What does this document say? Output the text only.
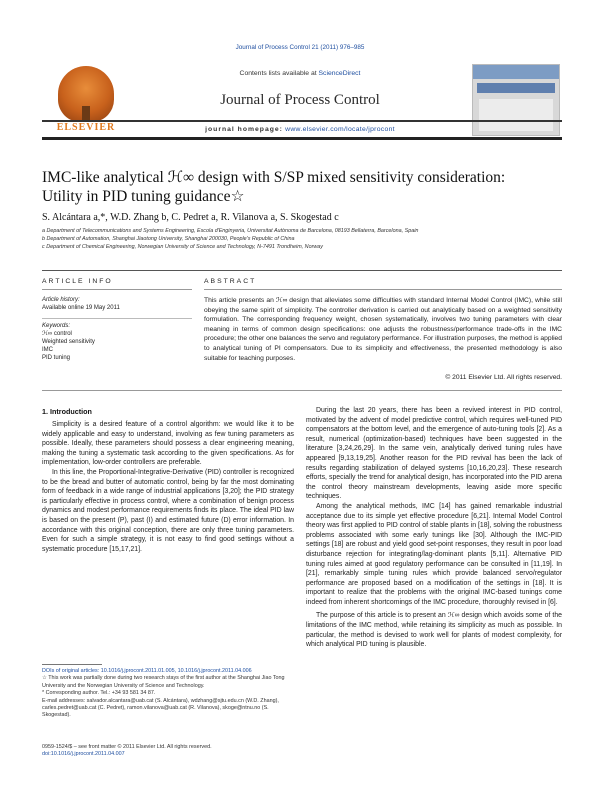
Journal of Process Control 21 (2011) 976–985
ELSEVIER
Contents lists available at ScienceDirect
Journal of Process Control
journal homepage: www.elsevier.com/locate/jprocont
IMC-like analytical ℋ∞ design with S/SP mixed sensitivity consideration:
Utility in PID tuning guidance☆
S. Alcántara a,*, W.D. Zhang b, C. Pedret a, R. Vilanova a, S. Skogestad c
a Department of Telecommunications and Systems Engineering, Escola d'Enginyeria, Universitat Autònoma de Barcelona, 08193 Bellaterra, Barcelona, Spain
b Department of Automation, Shanghai Jiaotong University, Shanghai 200030, People's Republic of China
c Department of Chemical Engineering, Norwegian University of Science and Technology, N-7491 Trondheim, Norway
ARTICLE INFO	ABSTRACT
Article history:
Available online 19 May 2011
Keywords:
ℋ∞ control
Weighted sensitivity
IMC
PID tuning
This article presents an ℋ∞ design that alleviates some difficulties with standard Internal Model Control (IMC), while still obeying the same spirit of simplicity. The controller derivation is carried out analytically based on a weighted sensitivity formulation. The corresponding frequency weight, chosen systematically, involves two tuning parameters with clear meaning in terms of common design specifications: one adjusts the robustness/performance trade-offs in the IMC procedure; the other one balances the servo and regulatory performance. For illustration purposes, the method is applied to analytical tuning of PI compensators. Due to its simplicity and effectiveness, the presented methodology is also suitable for teaching purposes.
© 2011 Elsevier Ltd. All rights reserved.
1. Introduction

Simplicity is a desired feature of a control algorithm: we would like it to be widely applicable and easy to understand, involving as few tuning parameters as possible. Ideally, these parameters should possess a clear engineering meaning, making the tuning a systematic task according to the given specifications. As for implementation, low-order controllers are preferable.

In this line, the Proportional-Integrative-Derivative (PID) controller is recognized to be the bread and butter of automatic control, being by far the most dominating form of feedback in a wide range of industrial applications [3,20]; the PID strategy is particularly effective in process control, where a combination of benign process dynamics and modest performance requirements finds its place. The ideal PID law is based on the present (P), past (I) and estimated future (D) error information. In accordance with this original conception, there are only three tuning parameters. Even for such a simple strategy, it is not easy to find good settings without a systematic procedure [15,17,21].

DOIs of original articles: 10.1016/j.jprocont.2011.01.005, 10.1016/j.jprocont.2011.04.006
☆ This work was partially done during two research stays of the first author at the Shanghai Jiao Tong University and the Norwegian University of Science and Technology.
* Corresponding author. Tel.: +34 93 581 34 87.
E-mail addresses: salvador.alcantara@uab.cat (S. Alcántara), wdzhang@sjtu.edu.cn (W.D. Zhang), carles.pedret@uab.cat (C. Pedret), ramon.vilanova@uab.cat (R. Vilanova), skoge@ntnu.no (S. Skogestad).
0959-1524/$ – see front matter © 2011 Elsevier Ltd. All rights reserved.
doi:10.1016/j.jprocont.2011.04.007

During the last 20 years, there has been a revived interest in PID control, motivated by the advent of model predictive control, which requires well-tuned PID compensators at the bottom level, and the emergence of auto-tuning tools [2]. As a result, numerical (optimization-based) techniques have been suggested in the literature [3,24,26,29]. In the same vein, analytically derived tuning rules have appeared [9,13,19,25]. Another reason for the PID revival has been the lack of results regarding stabilization of delayed systems [10,16,20,23]. These research efforts, specially the trend for analytical design, has incorporated into the PID arena the control theory mainstream developments, leaving aside more specific techniques.

Among the analytical methods, IMC [14] has gained remarkable industrial acceptance due to its simple yet effective procedure [6,21]. Internal Model Control theory was first applied to PID control of stable plants in [18], solving the robustness problems associated with some early tunings like [30]. Although the IMC-PID settings [18] are robust and yield good set-point responses, they result in poor load disturbance rejection for integrating/lag-dominant plants [5,11]. Alternative PID tuning rules aimed at good regulatory performance can be consulted in [11,19]. In [21], remarkably simple tuning rules which provide balanced servo/regulator performance are proposed based on a modification of the settings in [18]. It is important to realize that the problems with the original IMC-based tunings come indeed from inherent shortcomings of the IMC procedure, thoroughly revised in [6].

The purpose of this article is to present an ℋ∞ design which avoids some of the limitations of the IMC method, while retaining its simplicity as much as possible. In particular, the method is devised to work well for plants of modest complexity, for which analytical PID tuning is plausible.
